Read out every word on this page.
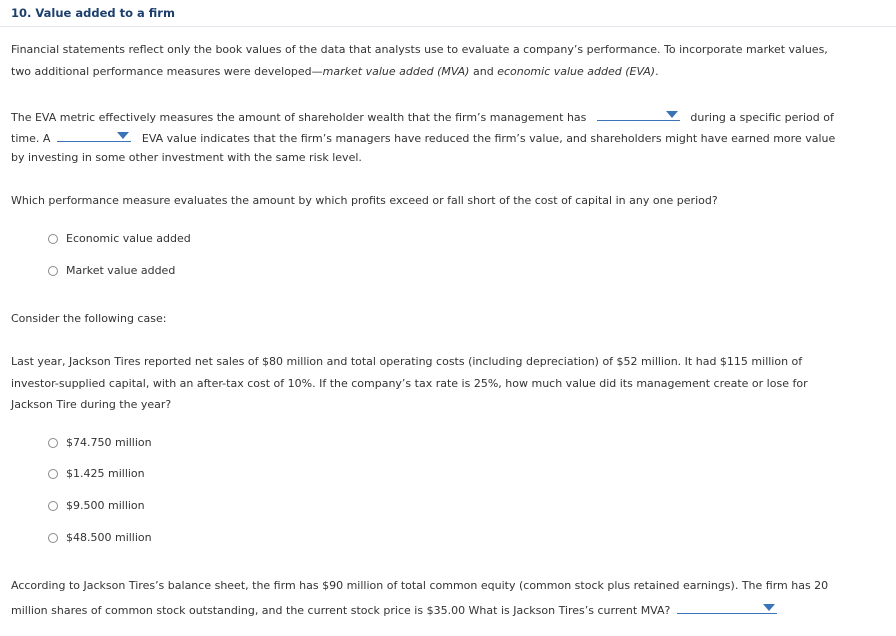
10. Value added to a firm
Financial statements reflect only the book values of the data that analysts use to evaluate a company’s performance. To incorporate market values,
two additional performance measures were developed—market value added (MVA) and economic value added (EVA).
The EVA metric effectively measures the amount of shareholder wealth that the firm’s management has	during a specific period of
time. A	EVA value indicates that the firm’s managers have reduced the firm’s value, and shareholders might have earned more value
by investing in some other investment with the same risk level.
Which performance measure evaluates the amount by which profits exceed or fall short of the cost of capital in any one period?
Economic value added
Market value added
Consider the following case:
Last year, Jackson Tires reported net sales of $80 million and total operating costs (including depreciation) of $52 million. It had $115 million of
investor-supplied capital, with an after-tax cost of 10%. If the company’s tax rate is 25%, how much value did its management create or lose for
Jackson Tire during the year?
$74.750 million
$1.425 million
$9.500 million
$48.500 million
According to Jackson Tires’s balance sheet, the firm has $90 million of total common equity (common stock plus retained earnings). The firm has 20
million shares of common stock outstanding, and the current stock price is $35.00 What is Jackson Tires’s current MVA?
